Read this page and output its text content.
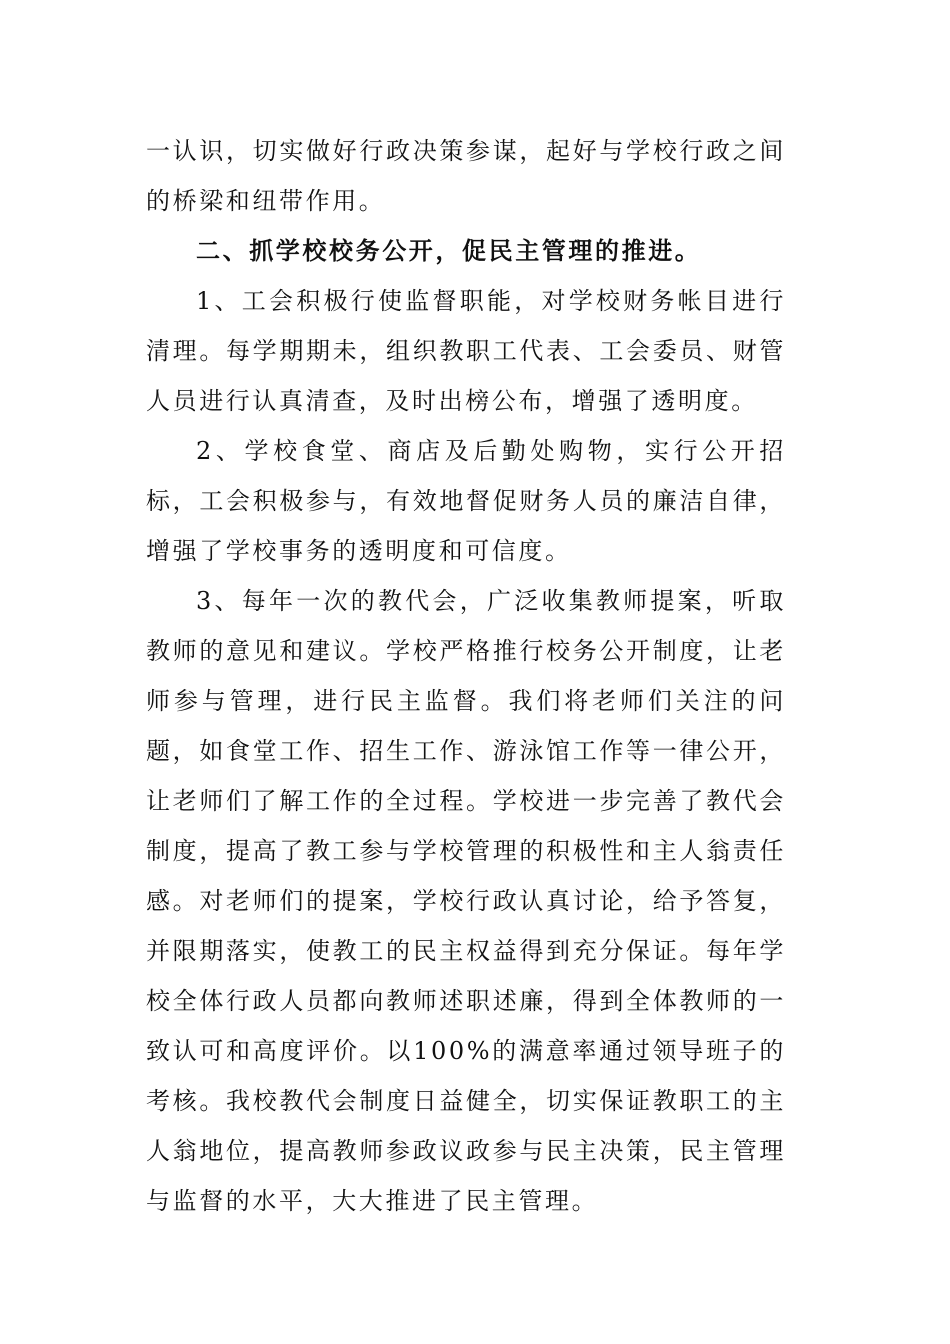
一认识，切实做好行政决策参谋，起好与学校行政之间的桥梁和纽带作用。

二、抓学校校务公开，促民主管理的推进。

1、工会积极行使监督职能，对学校财务帐目进行清理。每学期期未，组织教职工代表、工会委员、财管人员进行认真清查，及时出榜公布，增强了透明度。

2、学校食堂、商店及后勤处购物，实行公开招标，工会积极参与，有效地督促财务人员的廉洁自律，增强了学校事务的透明度和可信度。

3、每年一次的教代会，广泛收集教师提案，听取教师的意见和建议。学校严格推行校务公开制度，让老师参与管理，进行民主监督。我们将老师们关注的问题，如食堂工作、招生工作、游泳馆工作等一律公开，让老师们了解工作的全过程。学校进一步完善了教代会制度，提高了教工参与学校管理的积极性和主人翁责任感。对老师们的提案，学校行政认真讨论，给予答复，并限期落实，使教工的民主权益得到充分保证。每年学校全体行政人员都向教师述职述廉，得到全体教师的一致认可和高度评价。以100%的满意率通过领导班子的考核。我校教代会制度日益健全，切实保证教职工的主人翁地位，提高教师参政议政参与民主决策，民主管理与监督的水平，大大推进了民主管理。
